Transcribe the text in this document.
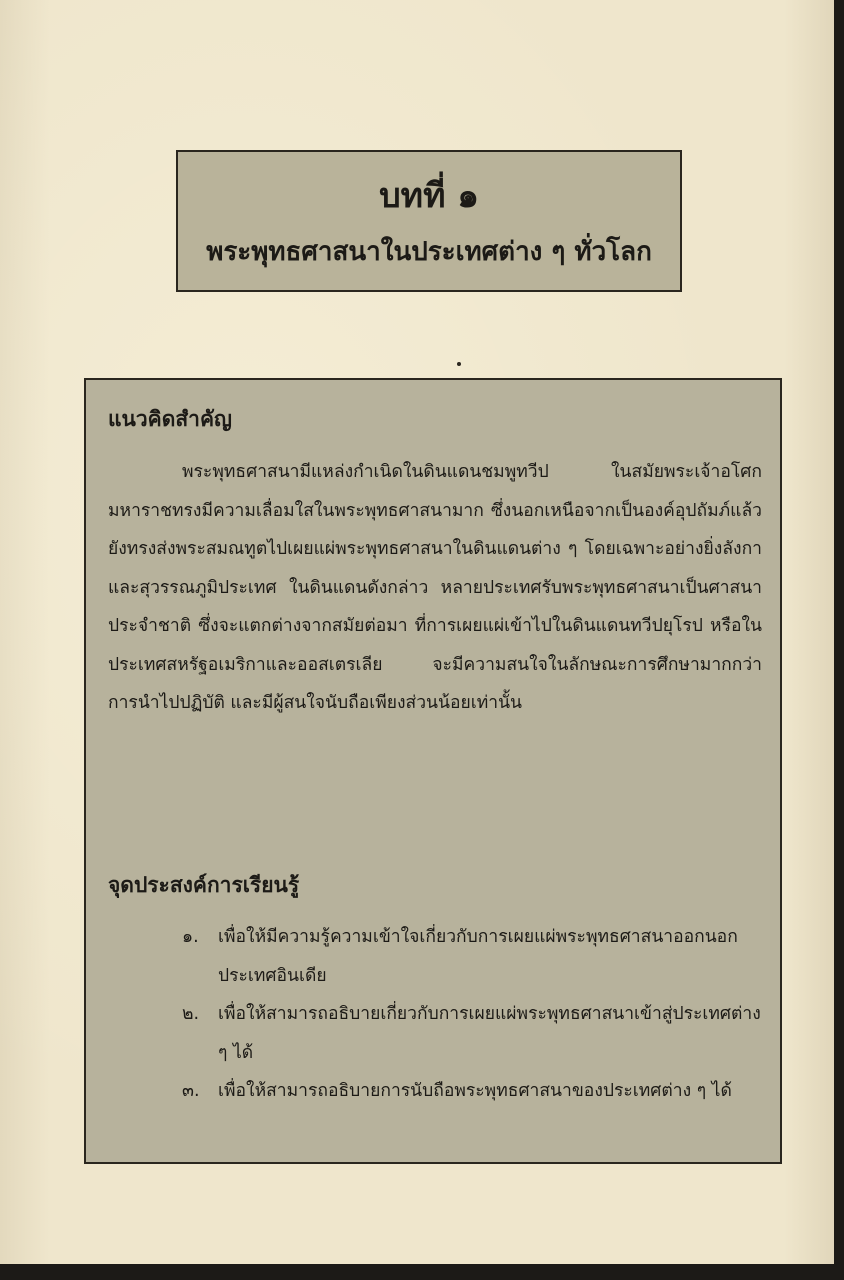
บทที่ ๑
พระพุทธศาสนาในประเทศต่าง ๆ ทั่วโลก
แนวคิดสำคัญ
พระพุทธศาสนามีแหล่งกำเนิดในดินแดนชมพูทวีป ในสมัยพระเจ้าอโศกมหาราชทรงมีความเลื่อมใสในพระพุทธศาสนามาก ซึ่งนอกเหนือจากเป็นองค์อุปถัมภ์แล้ว ยังทรงส่งพระสมณทูตไปเผยแผ่พระพุทธศาสนาในดินแดนต่าง ๆ โดยเฉพาะอย่างยิ่งลังกาและสุวรรณภูมิประเทศ ในดินแดนดังกล่าว หลายประเทศรับพระพุทธศาสนาเป็นศาสนาประจำชาติ ซึ่งจะแตกต่างจากสมัยต่อมา ที่การเผยแผ่เข้าไปในดินแดนทวีปยุโรป หรือในประเทศสหรัฐอเมริกาและออสเตรเลีย จะมีความสนใจในลักษณะการศึกษามากกว่าการนำไปปฏิบัติ และมีผู้สนใจนับถือเพียงส่วนน้อยเท่านั้น
จุดประสงค์การเรียนรู้
๑.	เพื่อให้มีความรู้ความเข้าใจเกี่ยวกับการเผยแผ่พระพุทธศาสนาออกนอกประเทศอินเดีย
๒.	เพื่อให้สามารถอธิบายเกี่ยวกับการเผยแผ่พระพุทธศาสนาเข้าสู่ประเทศต่าง ๆ ได้
๓.	เพื่อให้สามารถอธิบายการนับถือพระพุทธศาสนาของประเทศต่าง ๆ ได้
